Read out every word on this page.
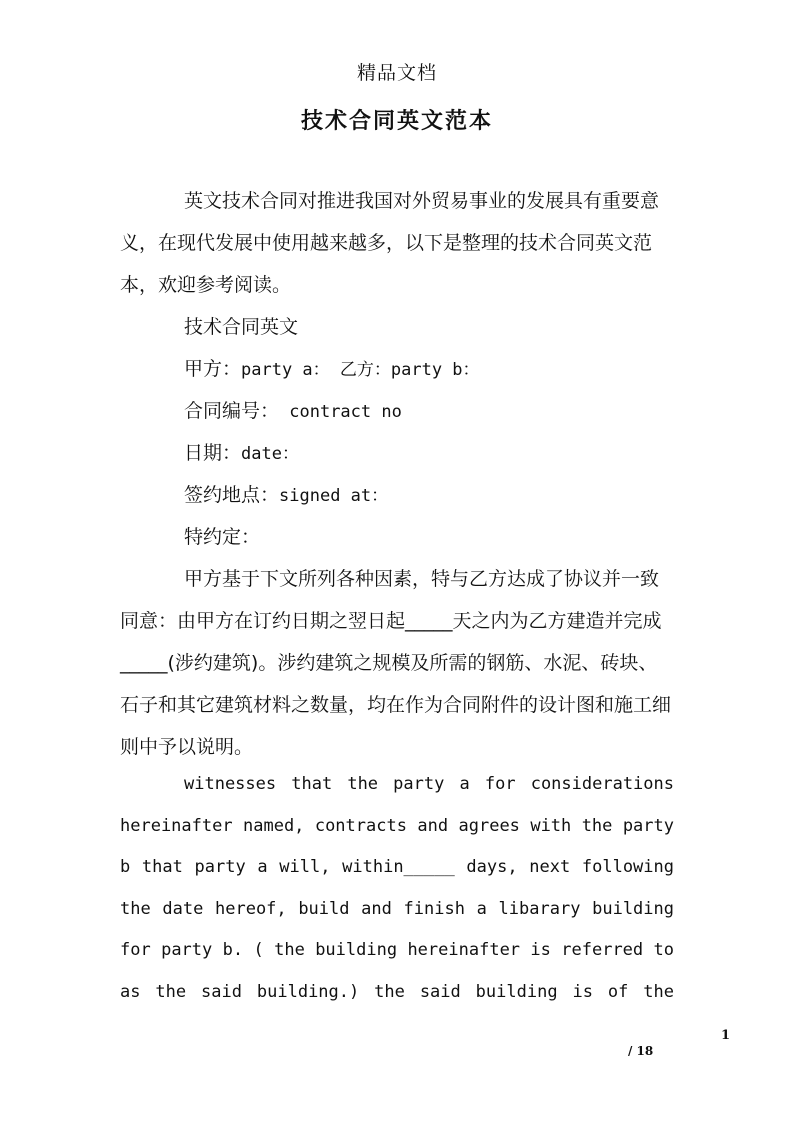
精品文档
技术合同英文范本
英文技术合同对推进我国对外贸易事业的发展具有重要意义，在现代发展中使用越来越多，以下是整理的技术合同英文范本，欢迎参考阅读。
技术合同英文
甲方：party a： 乙方：party b：
合同编号： contract no
日期：date：
签约地点：signed at：
特约定：
甲方基于下文所列各种因素，特与乙方达成了协议并一致同意：由甲方在订约日期之翌日起_____天之内为乙方建造并完成_____(涉约建筑)。涉约建筑之规模及所需的钢筋、水泥、砖块、石子和其它建筑材料之数量，均在作为合同附件的设计图和施工细则中予以说明。
witnesses that the party a for considerations
hereinafter named, contracts and agrees with the party
b that party a will, within_____ days, next following
the date hereof, build and finish a libarary building
for party b. ( the building hereinafter is referred to
as the said building.) the said building is of the
1
/ 18
